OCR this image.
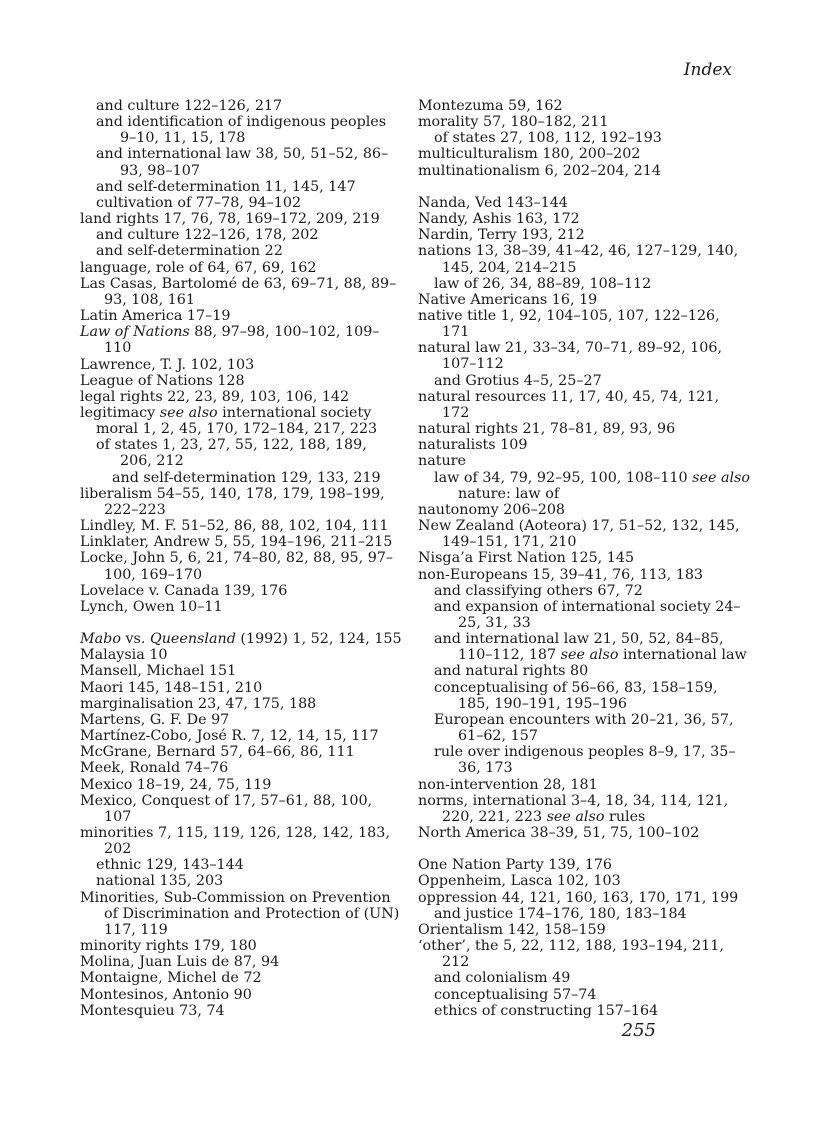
Index
and culture 122–126, 217
and identification of indigenous peoples 9–10, 11, 15, 178
and international law 38, 50, 51–52, 86–93, 98–107
and self-determination 11, 145, 147
cultivation of 77–78, 94–102
land rights 17, 76, 78, 169–172, 209, 219
and culture 122–126, 178, 202
and self-determination 22
language, role of 64, 67, 69, 162
Las Casas, Bartolomé de 63, 69–71, 88, 89–93, 108, 161
Latin America 17–19
Law of Nations 88, 97–98, 100–102, 109–110
Lawrence, T. J. 102, 103
League of Nations 128
legal rights 22, 23, 89, 103, 106, 142
legitimacy see also international society
moral 1, 2, 45, 170, 172–184, 217, 223
of states 1, 23, 27, 55, 122, 188, 189, 206, 212
and self-determination 129, 133, 219
liberalism 54–55, 140, 178, 179, 198–199, 222–223
Lindley, M. F. 51–52, 86, 88, 102, 104, 111
Linklater, Andrew 5, 55, 194–196, 211–215
Locke, John 5, 6, 21, 74–80, 82, 88, 95, 97–100, 169–170
Lovelace v. Canada 139, 176
Lynch, Owen 10–11
Mabo vs. Queensland (1992) 1, 52, 124, 155
Malaysia 10
Mansell, Michael 151
Maori 145, 148–151, 210
marginalisation 23, 47, 175, 188
Martens, G. F. De 97
Martínez-Cobo, José R. 7, 12, 14, 15, 117
McGrane, Bernard 57, 64–66, 86, 111
Meek, Ronald 74–76
Mexico 18–19, 24, 75, 119
Mexico, Conquest of 17, 57–61, 88, 100, 107
minorities 7, 115, 119, 126, 128, 142, 183, 202
ethnic 129, 143–144
national 135, 203
Minorities, Sub-Commission on Prevention of Discrimination and Protection of (UN) 117, 119
minority rights 179, 180
Molina, Juan Luis de 87, 94
Montaigne, Michel de 72
Montesinos, Antonio 90
Montesquieu 73, 74
Montezuma 59, 162
morality 57, 180–182, 211
of states 27, 108, 112, 192–193
multiculturalism 180, 200–202
multinationalism 6, 202–204, 214
Nanda, Ved 143–144
Nandy, Ashis 163, 172
Nardin, Terry 193, 212
nations 13, 38–39, 41–42, 46, 127–129, 140, 145, 204, 214–215
law of 26, 34, 88–89, 108–112
Native Americans 16, 19
native title 1, 92, 104–105, 107, 122–126, 171
natural law 21, 33–34, 70–71, 89–92, 106, 107–112
and Grotius 4–5, 25–27
natural resources 11, 17, 40, 45, 74, 121, 172
natural rights 21, 78–81, 89, 93, 96
naturalists 109
nature
law of 34, 79, 92–95, 100, 108–110 see also nature: law of
nautonomy 206–208
New Zealand (Aoteora) 17, 51–52, 132, 145, 149–151, 171, 210
Nisga’a First Nation 125, 145
non-Europeans 15, 39–41, 76, 113, 183
and classifying others 67, 72
and expansion of international society 24–25, 31, 33
and international law 21, 50, 52, 84–85, 110–112, 187 see also international law
and natural rights 80
conceptualising of 56–66, 83, 158–159, 185, 190–191, 195–196
European encounters with 20–21, 36, 57, 61–62, 157
rule over indigenous peoples 8–9, 17, 35–36, 173
non-intervention 28, 181
norms, international 3–4, 18, 34, 114, 121, 220, 221, 223 see also rules
North America 38–39, 51, 75, 100–102
One Nation Party 139, 176
Oppenheim, Lasca 102, 103
oppression 44, 121, 160, 163, 170, 171, 199
and justice 174–176, 180, 183–184
Orientalism 142, 158–159
‘other’, the 5, 22, 112, 188, 193–194, 211, 212
and colonialism 49
conceptualising 57–74
ethics of constructing 157–164
255
